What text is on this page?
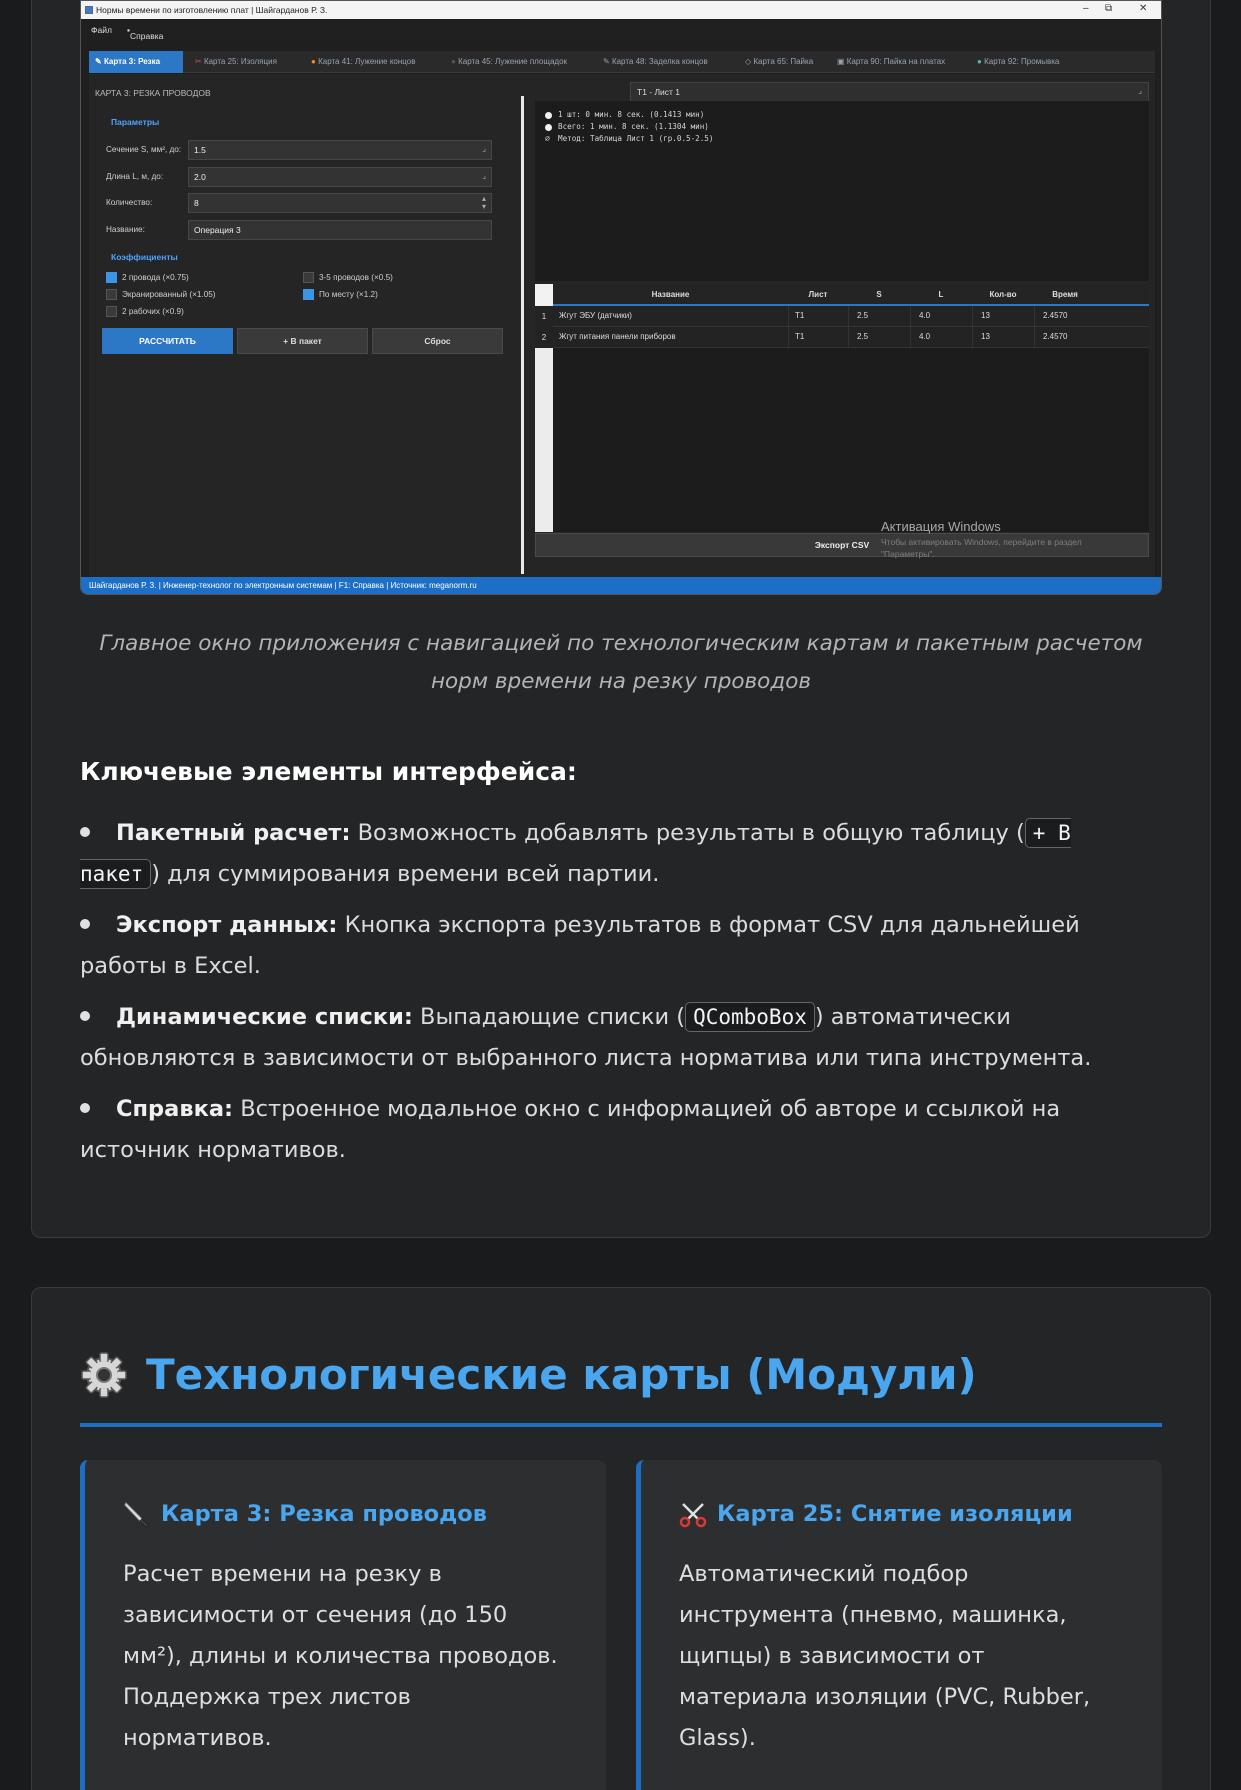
Нормы времени по изготовлению плат | Шайгарданов Р. З.	– ⧉	✕
Файл ▪
Справка
✎ Карта 3: Резка	✂ Карта 25: Изоляция	● Карта 41: Лужение концов	● Карта 45: Лужение площадок	✎ Карта 48: Заделка концов	◇ Карта 65: Пайка	▣ Карта 90: Пайка на платах	● Карта 92: Промывка
КАРТА 3: РЕЗКА ПРОВОДОВ	Т1 - Лист 1	⌟
Параметры
Сечение S, мм², до:	1.5	⌟
Длина L, м, до:	2.0	⌟
Количество:	8	▴
▾
Название:	Операция 3
Коэффициенты
2 провода (×0.75)	3-5 проводов (×0.5)
Экранированный (×1.05)	По месту (×1.2)
2 рабочих (×0.9)
РАССЧИТАТЬ	+ В пакет	Сброс
1 шт: 0 мин. 8 сек. (0.1413 мин)
Всего: 1 мин. 8 сек. (1.1304 мин)
⌀ Метод: Таблица Лист 1 (гр.0.5-2.5)
1
2
Название	Лист	S	L	Кол-во	Время
Жгут ЭБУ (датчики)	Т1	2.5	4.0	13	2.4570
Жгут питания панели приборов	Т1	2.5	4.0	13	2.4570
Экспорт CSV
Активация Windows
Чтобы активировать Windows, перейдите в раздел "Параметры".
Шайгарданов Р. З. | Инженер-технолог по электронным системам | F1: Справка | Источник: meganorm.ru
Главное окно приложения с навигацией по технологическим картам и пакетным расчетом норм времени на резку проводов
Ключевые элементы интерфейса:
Пакетный расчет: Возможность добавлять результаты в общую таблицу ( + В пакет ) для суммирования времени всей партии.
Экспорт данных: Кнопка экспорта результатов в формат CSV для дальнейшей работы в Excel.
Динамические списки: Выпадающие списки ( QComboBox ) автоматически обновляются в зависимости от выбранного листа норматива или типа инструмента.
Справка: Встроенное модальное окно с информацией об авторе и ссылкой на источник нормативов.
Технологические карты (Модули)
Карта 3: Резка проводов
Расчет времени на резку в зависимости от сечения (до 150 мм²), длины и количества проводов. Поддержка трех листов нормативов.
Карта 25: Снятие изоляции
Автоматический подбор инструмента (пневмо, машинка, щипцы) в зависимости от материала изоляции (PVC, Rubber, Glass).
